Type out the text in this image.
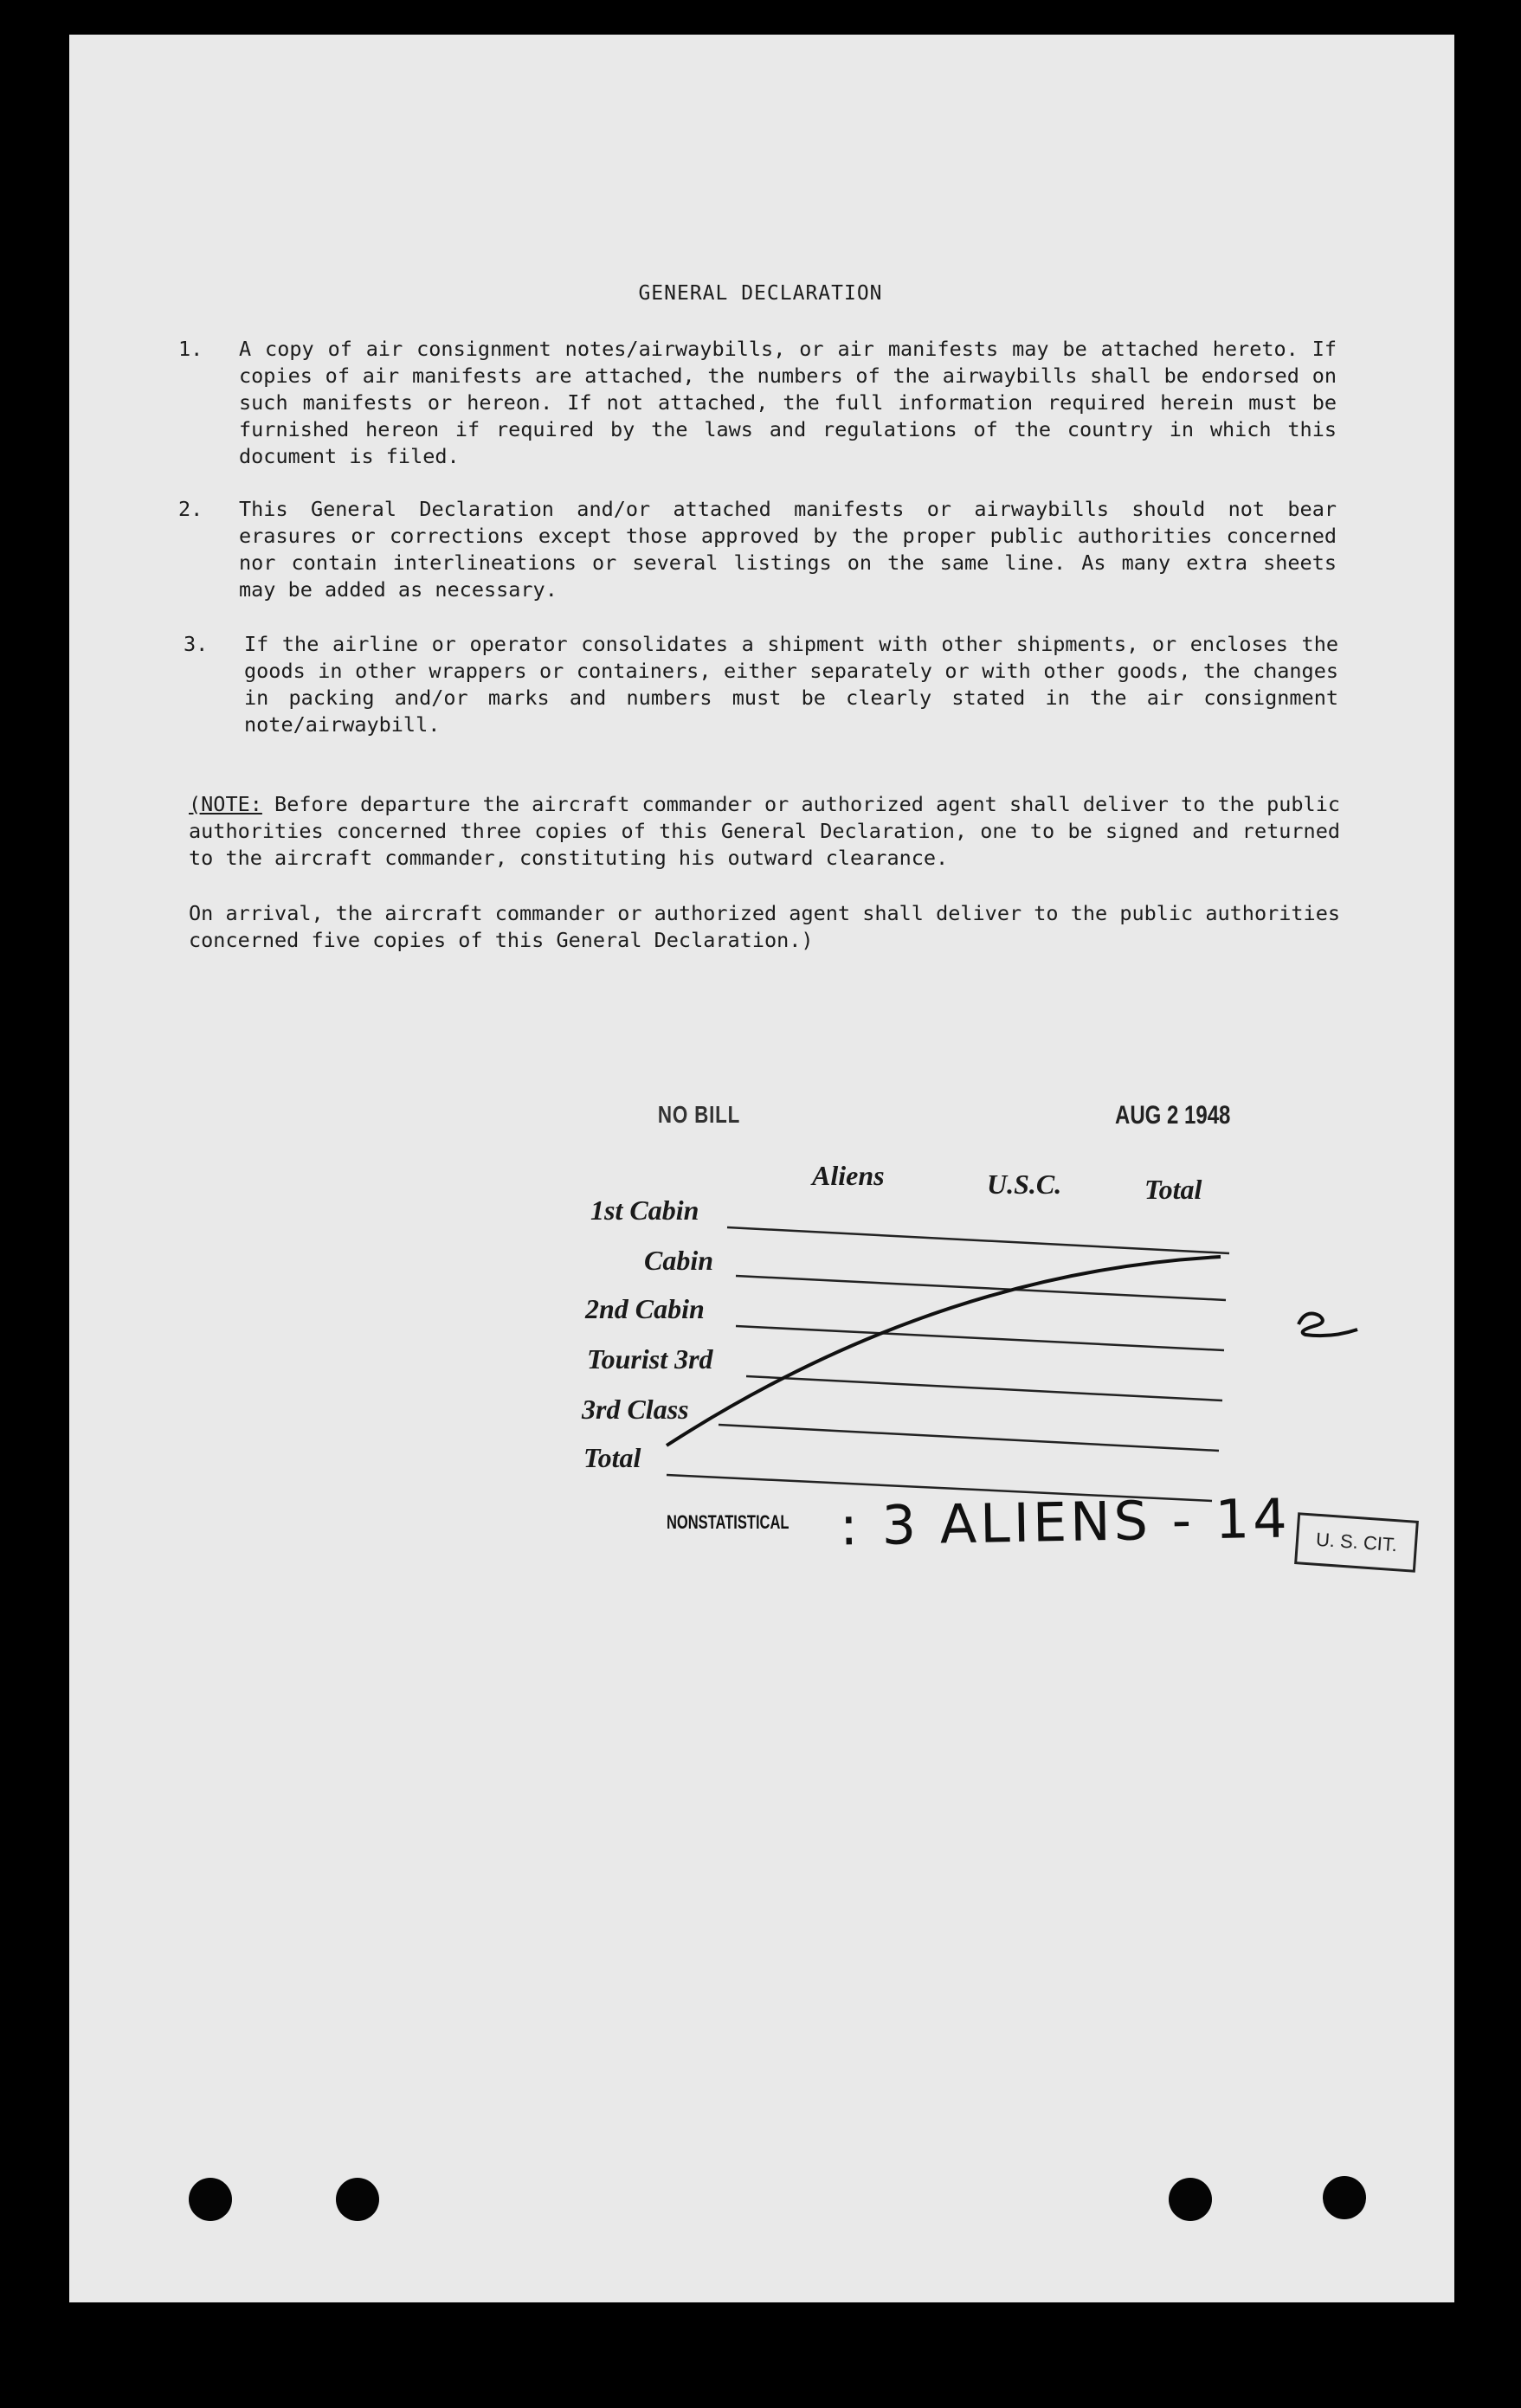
GENERAL DECLARATION
1. A copy of air consignment notes/airwaybills, or air manifests may be attached hereto. If copies of air manifests are attached, the numbers of the airwaybills shall be endorsed on such manifests or hereon. If not attached, the full information required herein must be furnished hereon if required by the laws and regulations of the country in which this document is filed.
2. This General Declaration and/or attached manifests or airwaybills should not bear erasures or corrections except those approved by the proper public authorities concerned nor contain interlineations or several listings on the same line. As many extra sheets may be added as necessary.
3. If the airline or operator consolidates a shipment with other shipments, or encloses the goods in other wrappers or containers, either separately or with other goods, the changes in packing and/or marks and numbers must be clearly stated in the air consignment note/airwaybill.
(NOTE: Before departure the aircraft commander or authorized agent shall deliver to the public authorities concerned three copies of this General Declaration, one to be signed and returned to the aircraft commander, constituting his outward clearance.
On arrival, the aircraft commander or authorized agent shall deliver to the public authorities concerned five copies of this General Declaration.)
NO BILL	AUG 2 1948
Aliens	U.S.C.	Total
1st Cabin
Cabin
2nd Cabin
Tourist 3rd
3rd Class
Total
NONSTATISTICAL : 3 ALIENS - 14	U. S. CIT.
